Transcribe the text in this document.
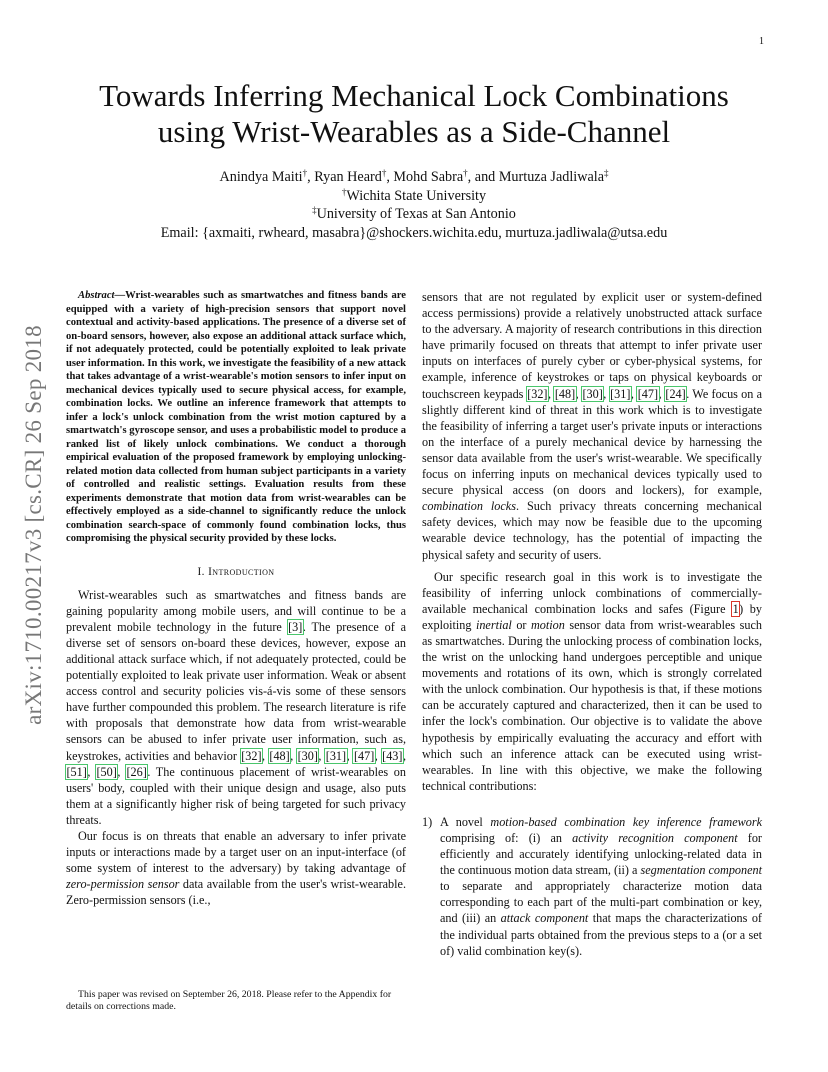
1
arXiv:1710.00217v3 [cs.CR] 26 Sep 2018
Towards Inferring Mechanical Lock Combinations using Wrist-Wearables as a Side-Channel
Anindya Maiti†, Ryan Heard†, Mohd Sabra†, and Murtuza Jadliwala‡
†Wichita State University
‡University of Texas at San Antonio
Email: {axmaiti, rwheard, masabra}@shockers.wichita.edu, murtuza.jadliwala@utsa.edu

Abstract—Wrist-wearables such as smartwatches and fitness bands are equipped with a variety of high-precision sensors that support novel contextual and activity-based applications. The presence of a diverse set of on-board sensors, however, also expose an additional attack surface which, if not adequately protected, could be potentially exploited to leak private user information. In this work, we investigate the feasibility of a new attack that takes advantage of a wrist-wearable's motion sensors to infer input on mechanical devices typically used to secure physical access, for example, combination locks. We outline an inference framework that attempts to infer a lock's unlock combination from the wrist motion captured by a smartwatch's gyroscope sensor, and uses a probabilistic model to produce a ranked list of likely unlock combinations. We conduct a thorough empirical evaluation of the proposed framework by employing unlocking-related motion data collected from human subject participants in a variety of controlled and realistic settings. Evaluation results from these experiments demonstrate that motion data from wrist-wearables can be effectively employed as a side-channel to significantly reduce the unlock combination search-space of commonly found combination locks, thus compromising the physical security provided by these locks.

I. Introduction

Wrist-wearables such as smartwatches and fitness bands are gaining popularity among mobile users, and will continue to be a prevalent mobile technology in the future [3]. The presence of a diverse set of sensors on-board these devices, however, expose an additional attack surface which, if not adequately protected, could be potentially exploited to leak private user information. Weak or absent access control and security policies vis-á-vis some of these sensors have further compounded this problem. The research literature is rife with proposals that demonstrate how data from wrist-wearable sensors can be abused to infer private user information, such as, keystrokes, activities and behavior [32], [48], [30], [31], [47], [43], [51], [50], [26]. The continuous placement of wrist-wearables on users' body, coupled with their unique design and usage, also puts them at a significantly higher risk of being targeted for such privacy threats.

Our focus is on threats that enable an adversary to infer private inputs or interactions made by a target user on an input-interface (of some system of interest to the adversary) by taking advantage of zero-permission sensor data available from the user's wrist-wearable. Zero-permission sensors (i.e.,

This paper was revised on September 26, 2018. Please refer to the Appendix for details on corrections made.

sensors that are not regulated by explicit user or system-defined access permissions) provide a relatively unobstructed attack surface to the adversary. A majority of research contributions in this direction have primarily focused on threats that attempt to infer private user inputs on interfaces of purely cyber or cyber-physical systems, for example, inference of keystrokes or taps on physical keyboards or touchscreen keypads [32], [48], [30], [31], [47], [24]. We focus on a slightly different kind of threat in this work which is to investigate the feasibility of inferring a target user's private inputs or interactions on the interface of a purely mechanical device by harnessing the sensor data available from the user's wrist-wearable. We specifically focus on inferring inputs on mechanical devices typically used to secure physical access (on doors and lockers), for example, combination locks. Such privacy threats concerning mechanical safety devices, which may now be feasible due to the upcoming wearable device technology, has the potential of impacting the physical safety and security of users.

Our specific research goal in this work is to investigate the feasibility of inferring unlock combinations of commercially-available mechanical combination locks and safes (Figure 1) by exploiting inertial or motion sensor data from wrist-wearables such as smartwatches. During the unlocking process of combination locks, the wrist on the unlocking hand undergoes perceptible and unique movements and rotations of its own, which is strongly correlated with the unlock combination. Our hypothesis is that, if these motions can be accurately captured and characterized, then it can be used to infer the lock's combination. Our objective is to validate the above hypothesis by empirically evaluating the accuracy and effort with which such an inference attack can be executed using wrist-wearables. In line with this objective, we make the following technical contributions:

1) A novel motion-based combination key inference framework comprising of: (i) an activity recognition component for efficiently and accurately identifying unlocking-related data in the continuous motion data stream, (ii) a segmentation component to separate and appropriately characterize motion data corresponding to each part of the multi-part combination or key, and (iii) an attack component that maps the characterizations of the individual parts obtained from the previous steps to a (or a set of) valid combination key(s).
